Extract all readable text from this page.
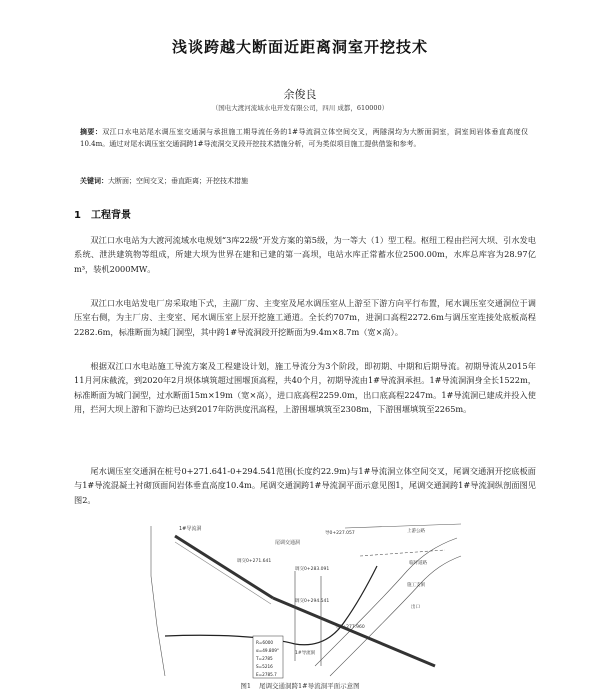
浅谈跨越大断面近距离洞室开挖技术
余俊良
（国电大渡河流域水电开发有限公司，四川 成都，610000）
摘要：双江口水电站尾水调压室交通洞与承担施工期导流任务的1#导流洞立体空间交叉，两隧洞均为大断面洞室，洞室间岩体垂直高度仅10.4m。通过对尾水调压室交通洞跨1#导流洞交叉段开挖技术措施分析，可为类似项目施工提供借鉴和参考。
关键词：大断面；空间交叉；垂直距离；开挖技术措施
1 工程背景
双江口水电站为大渡河流域水电规划“3库22级”开发方案的第5级，为一等大（1）型工程。枢纽工程由拦河大坝、引水发电系统、泄洪建筑物等组成，所建大坝为世界在建和已建的第一高坝，电站水库正常蓄水位2500.00m，水库总库容为28.97亿m³，装机2000MW。
双江口水电站发电厂房采取地下式，主副厂房、主变室及尾水调压室从上游至下游方向平行布置，尾水调压室交通洞位于调压室右侧，为主厂房、主变室、尾水调压室上层开挖施工通道。全长约707m，进洞口高程2272.6m与调压室连接处底板高程2282.6m，标准断面为城门洞型，其中跨1#导流洞段开挖断面为9.4m×8.7m（宽×高）。
根据双江口水电站施工导流方案及工程建设计划，施工导流分为3个阶段，即初期、中期和后期导流。初期导流从2015年11月河床截流，到2020年2月坝体填筑超过围堰顶高程，共40个月，初期导流由1#导流洞承担。1#导流洞洞身全长1522m，标准断面为城门洞型，过水断面15m×19m（宽×高），进口底高程2259.0m，出口底高程2247m。1#导流洞已建成并投入使用，拦河大坝上游和下游均已达到2017年防洪度汛高程，上游围堰填筑至2308m，下游围堰填筑至2265m。
尾水调压室交通洞在桩号0+271.641-0+294.541范围(长度约22.9m)与1#导流洞立体空间交叉，尾调交通洞开挖底板面与1#导流混凝土衬砌顶面间岩体垂直高度10.4m。尾调交通洞跨1#导流洞平面示意见图1，尾调交通洞跨1#导流洞纵剖面图见图2。
1#导流洞
尾调交通洞
调交0+271.641
导0+227.057
调交0+283.091
调交0+294.541
上游公路
临时道路
施工支洞
出口
1#导流洞
导0+277.960
R=6000
α=49.809°
T=2785
S=5216
E=2785.7
图1 尾调交通洞跨1#导流洞平面示意图
